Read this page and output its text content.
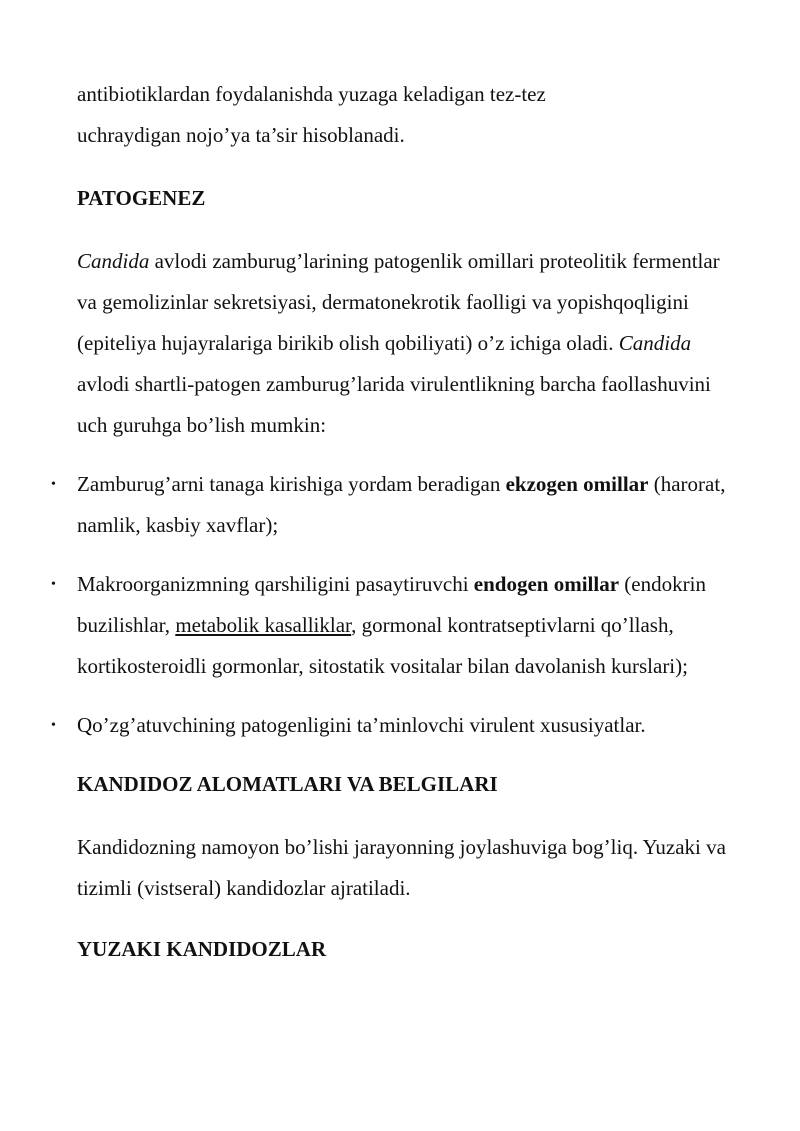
antibiotiklardan foydalanishda yuzaga keladigan tez-tez
uchraydigan nojo’ya ta’sir hisoblanadi.

PATOGENEZ

Candida avlodi zamburug’larining patogenlik omillari proteolitik fermentlar va gemolizinlar sekretsiyasi, dermatonekrotik faolligi va yopishqoqligini (epiteliya hujayralariga birikib olish qobiliyati) o’z ichiga oladi. Candida avlodi shartli-patogen zamburug’larida virulentlikning barcha faollashuvini uch guruhga bo’lish mumkin:

• Zamburug’arni tanaga kirishiga yordam beradigan ekzogen omillar (harorat, namlik, kasbiy xavflar);
• Makroorganizmning qarshiligini pasaytiruvchi endogen omillar (endokrin buzilishlar, metabolik kasalliklar, gormonal kontratseptivlarni qo’llash, kortikosteroidli gormonlar, sitostatik vositalar bilan davolanish kurslari);
• Qo’zg’atuvchining patogenligini ta’minlovchi virulent xususiyatlar.
KANDIDOZ ALOMATLARI VA BELGILARI

Kandidozning namoyon bo’lishi jarayonning joylashuviga bog’liq. Yuzaki va tizimli (vistseral) kandidozlar ajratiladi.

YUZAKI KANDIDOZLAR
